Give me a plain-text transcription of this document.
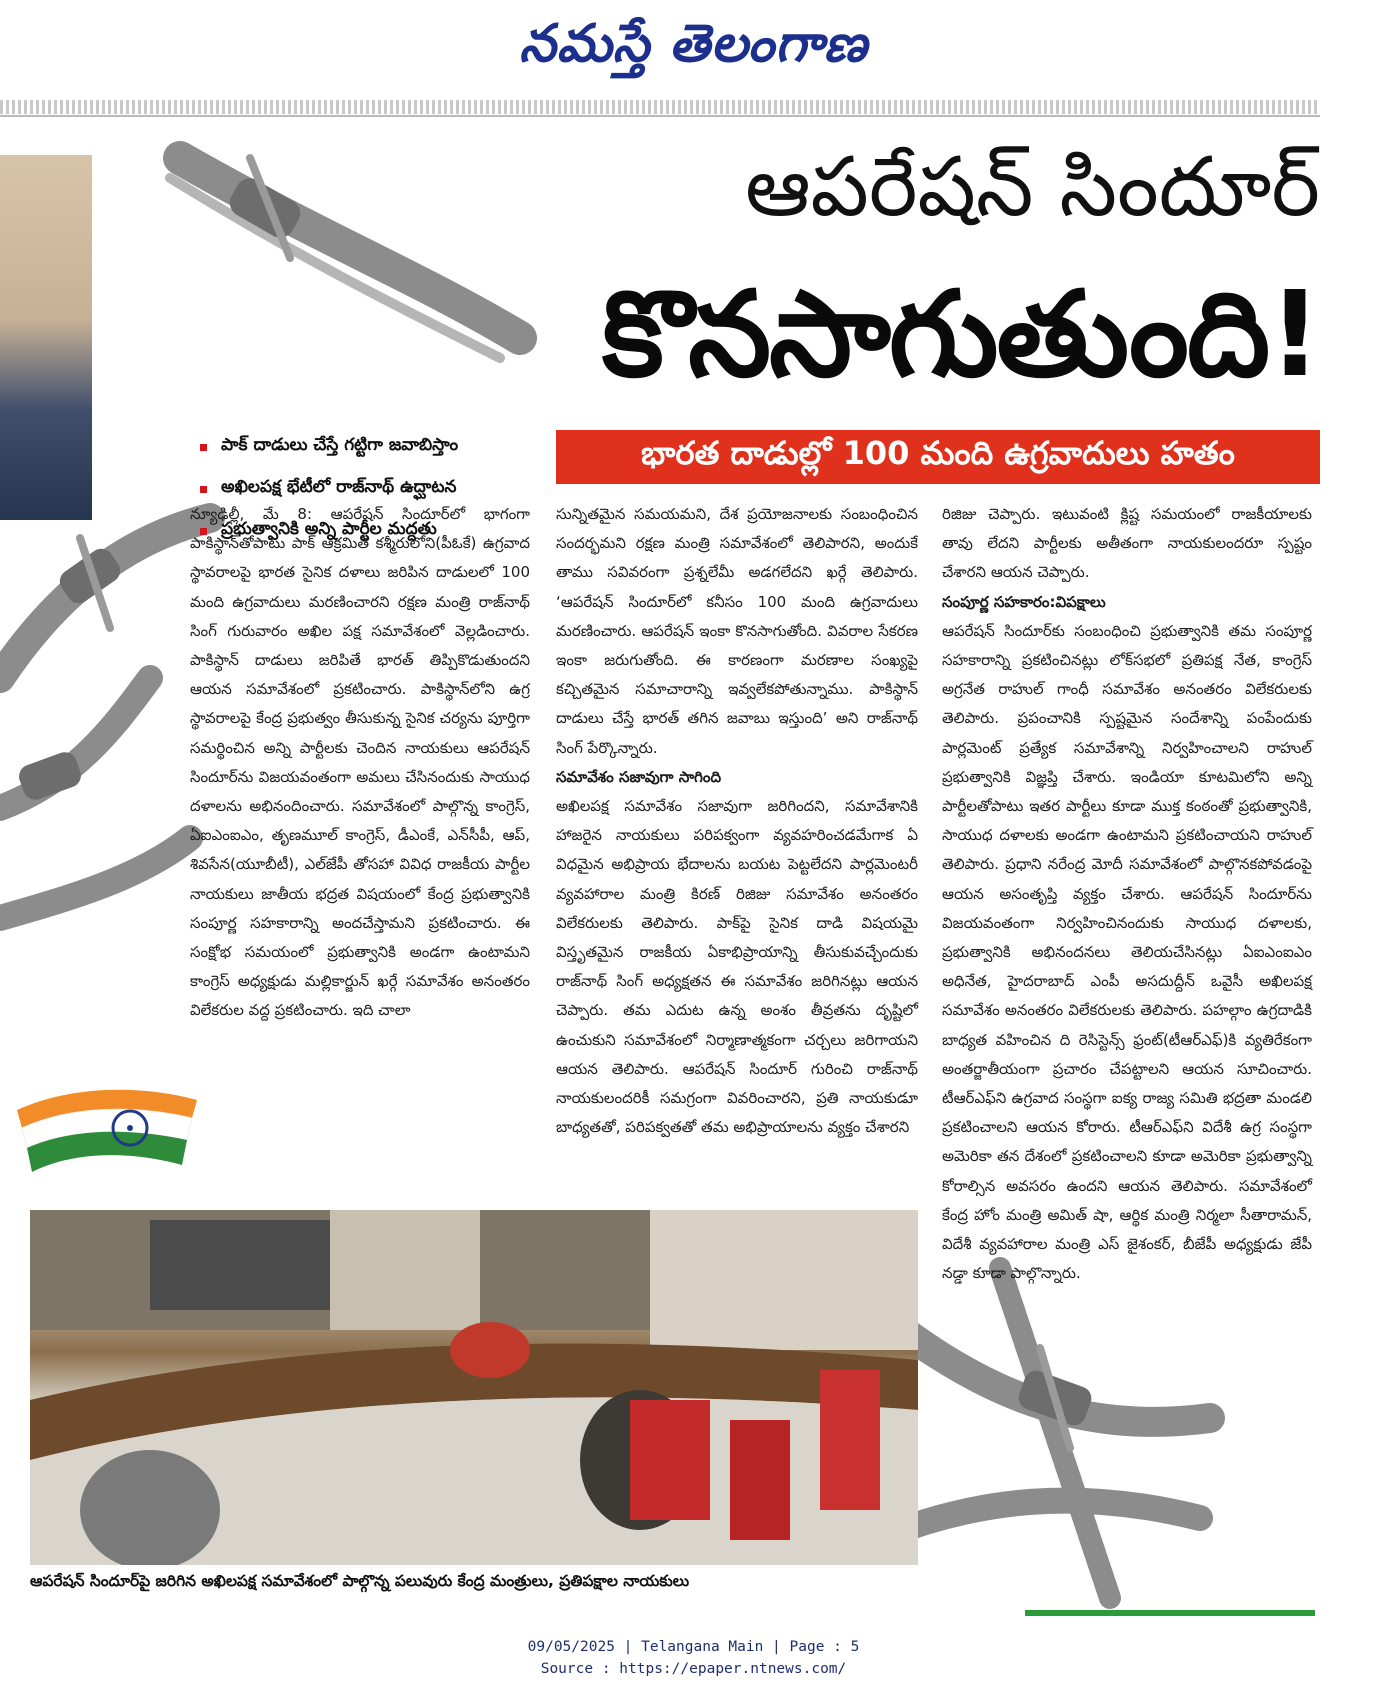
నమస్తే తెలంగాణ
ఆపరేషన్ సిందూర్
కొనసాగుతుంది!
పాక్ దాడులు చేస్తే గట్టిగా జవాబిస్తాం
అఖిలపక్ష భేటీలో రాజ్‌నాథ్ ఉద్ఘాటన
ప్రభుత్వానికి అన్ని పార్టీల మద్దతు
భారత దాడుల్లో 100 మంది ఉగ్రవాదులు హతం

న్యూఢిల్లీ, మే 8: ఆపరేషన్ సిందూర్‌లో భాగంగా పాకిస్థాన్‌తోపాటు పాక్ ఆక్రమిత కశ్మీరులోని(పీఓకే) ఉగ్రవాద స్థావరాలపై భారత సైనిక దళాలు జరిపిన దాడులలో 100 మంది ఉగ్రవాదులు మరణించారని రక్షణ మంత్రి రాజ్‌నాథ్ సింగ్ గురువారం అఖిల పక్ష సమావేశంలో వెల్లడించారు. పాకిస్థాన్ దాడులు జరిపితే భారత్ తిప్పికొడుతుందని ఆయన సమావేశంలో ప్రకటించారు. పాకిస్థాన్‌లోని ఉగ్ర స్థావరాలపై కేంద్ర ప్రభుత్వం తీసుకున్న సైనిక చర్యను పూర్తిగా సమర్థించిన అన్ని పార్టీలకు చెందిన నాయకులు ఆపరేషన్ సిందూర్‌ను విజయవంతంగా అమలు చేసినందుకు సాయుధ దళాలను అభినందించారు. సమావేశంలో పాల్గొన్న కాంగ్రెస్, ఏఐఎంఐఎం, తృణమూల్ కాంగ్రెస్, డీఎంకే, ఎన్‌సీపీ, ఆప్, శివసేన(యూబీటీ), ఎల్‌జేపీ తోసహా వివిధ రాజకీయ పార్టీల నాయకులు జాతీయ భద్రత విషయంలో కేంద్ర ప్రభుత్వానికి సంపూర్ణ సహకారాన్ని అందచేస్తామని ప్రకటించారు. ఈ సంక్షోభ సమయంలో ప్రభుత్వానికి అండగా ఉంటామని కాంగ్రెస్ అధ్యక్షుడు మల్లికార్జున్ ఖర్గే సమావేశం అనంతరం విలేకరుల వద్ద ప్రకటించారు. ఇది చాలా

సున్నితమైన సమయమని, దేశ ప్రయోజనాలకు సంబంధించిన సందర్భమని రక్షణ మంత్రి సమావేశంలో తెలిపారని, అందుకే తాము సవివరంగా ప్రశ్నలేమీ అడగలేదని ఖర్గే తెలిపారు. ‘ఆపరేషన్ సిందూర్‌లో కనీసం 100 మంది ఉగ్రవాదులు మరణించారు. ఆపరేషన్ ఇంకా కొనసాగుతోంది. వివరాల సేకరణ ఇంకా జరుగుతోంది. ఈ కారణంగా మరణాల సంఖ్యపై కచ్చితమైన సమాచారాన్ని ఇవ్వలేకపోతున్నాము. పాకిస్థాన్ దాడులు చేస్తే భారత్ తగిన జవాబు ఇస్తుంది’ అని రాజ్‌నాథ్ సింగ్ పేర్కొన్నారు.

సమావేశం సజావుగా సాగింది

అఖిలపక్ష సమావేశం సజావుగా జరిగిందని, సమావేశానికి హాజరైన నాయకులు పరిపక్వంగా వ్యవహరించడమేగాక ఏ విధమైన అభిప్రాయ భేదాలను బయట పెట్టలేదని పార్లమెంటరీ వ్యవహారాల మంత్రి కిరణ్ రిజిజు సమావేశం అనంతరం విలేకరులకు తెలిపారు. పాక్‌పై సైనిక దాడి విషయమై విస్తృతమైన రాజకీయ ఏకాభిప్రాయాన్ని తీసుకువచ్చేందుకు రాజ్‌నాథ్ సింగ్ అధ్యక్షతన ఈ సమావేశం జరిగినట్లు ఆయన చెప్పారు. తమ ఎదుట ఉన్న అంశం తీవ్రతను దృష్టిలో ఉంచుకుని సమావేశంలో నిర్మాణాత్మకంగా చర్చలు జరిగాయని ఆయన తెలిపారు. ఆపరేషన్ సిందూర్ గురించి రాజ్‌నాథ్ నాయకులందరికీ సమగ్రంగా వివరించారని, ప్రతి నాయకుడూ బాధ్యతతో, పరిపక్వతతో తమ అభిప్రాయాలను వ్యక్తం చేశారని

రిజిజు చెప్పారు. ఇటువంటి క్లిష్ట సమయంలో రాజకీయాలకు తావు లేదని పార్టీలకు అతీతంగా నాయకులందరూ స్పష్టం చేశారని ఆయన చెప్పారు.

సంపూర్ణ సహకారం:విపక్షాలు

ఆపరేషన్ సిందూర్‌కు సంబంధించి ప్రభుత్వానికి తమ సంపూర్ణ సహకారాన్ని ప్రకటించినట్లు లోక్‌సభలో ప్రతిపక్ష నేత, కాంగ్రెస్ అగ్రనేత రాహుల్ గాంధీ సమావేశం అనంతరం విలేకరులకు తెలిపారు. ప్రపంచానికి స్పష్టమైన సందేశాన్ని పంపేందుకు పార్లమెంట్ ప్రత్యేక సమావేశాన్ని నిర్వహించాలని రాహుల్ ప్రభుత్వానికి విజ్ఞప్తి చేశారు. ఇండియా కూటమిలోని అన్ని పార్టీలతోపాటు ఇతర పార్టీలు కూడా ముక్త కంఠంతో ప్రభుత్వానికి, సాయుధ దళాలకు అండగా ఉంటామని ప్రకటించాయని రాహుల్ తెలిపారు. ప్రధాని నరేంద్ర మోదీ సమావేశంలో పాల్గొనకపోవడంపై ఆయన అసంతృప్తి వ్యక్తం చేశారు. ఆపరేషన్ సిందూర్‌ను విజయవంతంగా నిర్వహించినందుకు సాయుధ దళాలకు, ప్రభుత్వానికి అభినందనలు తెలియచేసినట్లు ఏఐఎంఐఎం అధినేత, హైదరాబాద్ ఎంపీ అసదుద్దీన్ ఒవైసీ అఖిలపక్ష సమావేశం అనంతరం విలేకరులకు తెలిపారు. పహల్గాం ఉగ్రదాడికి బాధ్యత వహించిన ది రెసిస్టెన్స్ ఫ్రంట్(టీఆర్‌ఎఫ్)కి వ్యతిరేకంగా అంతర్జాతీయంగా ప్రచారం చేపట్టాలని ఆయన సూచించారు. టీఆర్‌ఎఫ్‌ని ఉగ్రవాద సంస్థగా ఐక్య రాజ్య సమితి భద్రతా మండలి ప్రకటించాలని ఆయన కోరారు. టీఆర్‌ఎఫ్‌ని విదేశీ ఉగ్ర సంస్థగా అమెరికా తన దేశంలో ప్రకటించాలని కూడా అమెరికా ప్రభుత్వాన్ని కోరాల్సిన అవసరం ఉందని ఆయన తెలిపారు. సమావేశంలో కేంద్ర హోం మంత్రి అమిత్ షా, ఆర్థిక మంత్రి నిర్మలా సీతారామన్, విదేశీ వ్యవహారాల మంత్రి ఎస్ జైశంకర్, బీజేపీ అధ్యక్షుడు జేపీ నడ్డా కూడా పాల్గొన్నారు.

ఆపరేషన్ సిందూర్‌పై జరిగిన అఖిలపక్ష సమావేశంలో పాల్గొన్న పలువురు కేంద్ర మంత్రులు, ప్రతిపక్షాల నాయకులు
09/05/2025 | Telangana Main | Page : 5
Source : https://epaper.ntnews.com/
